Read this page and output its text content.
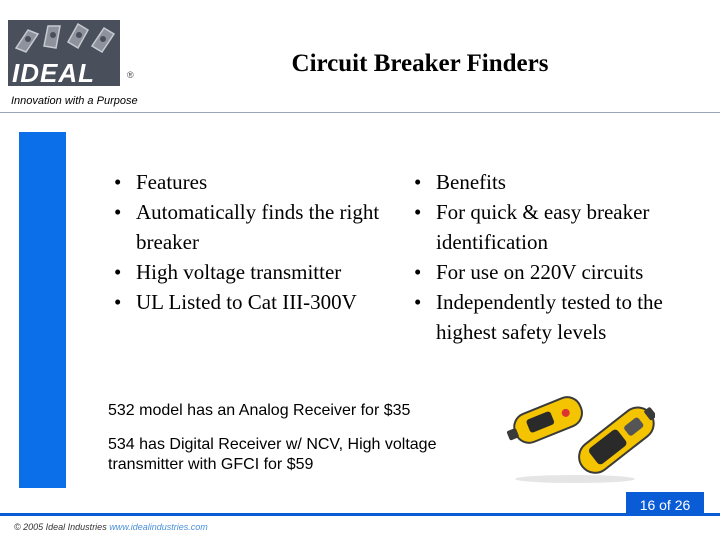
IDEAL	®
Innovation with a Purpose
Circuit Breaker Finders
• Features
• Automatically finds the right breaker
• High voltage transmitter
• UL Listed to Cat III-300V
• Benefits
• For quick & easy breaker identification
• For use on 220V circuits
• Independently tested to the highest safety levels
532 model has an Analog Receiver for $35
534 has Digital Receiver w/ NCV, High voltage transmitter with GFCI for $59
16 of 26
© 2005 Ideal Industries www.idealindustries.com
